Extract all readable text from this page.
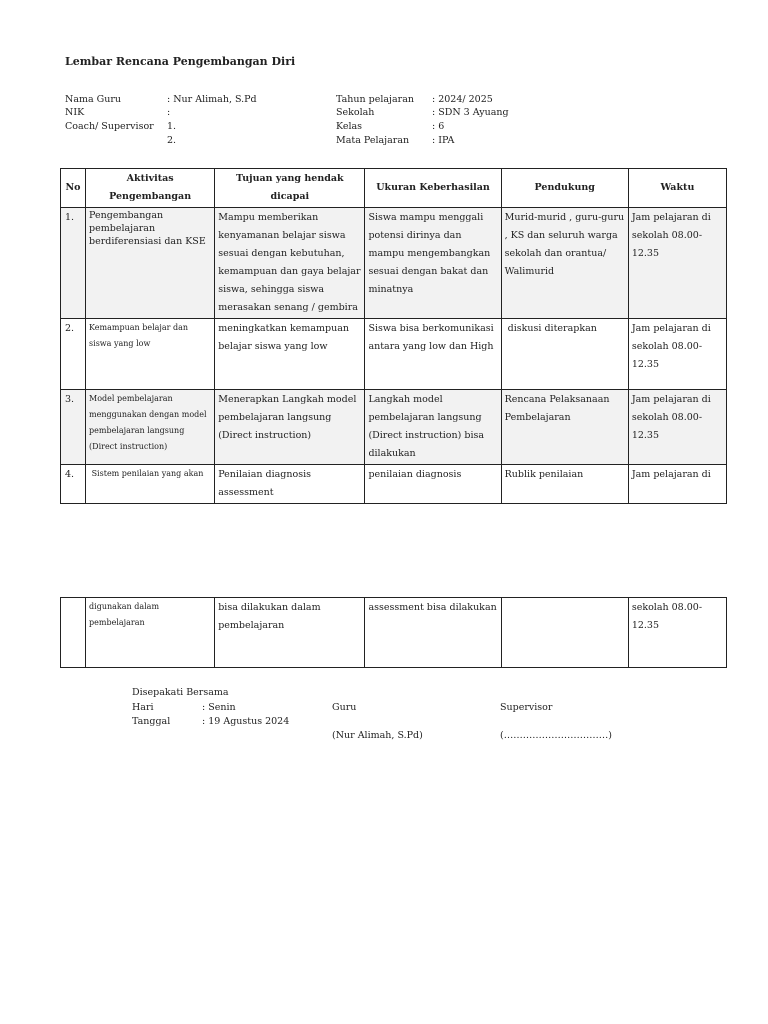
Lembar Rencana Pengembangan Diri
Nama Guru	: Nur Alimah, S.Pd
NIK	:
Coach/ Supervisor 1.
2.
Tahun pelajaran : 2024/ 2025
Sekolah	: SDN 3 Ayuang
Kelas	: 6
Mata Pelajaran : IPA
No	Aktivitas Pengembangan	Tujuan yang hendak dicapai	Ukuran Keberhasilan	Pendukung	Waktu
1.	Pengembangan pembelajaran berdiferensiasi dan KSE	Mampu memberikan kenyamanan belajar siswa sesuai dengan kebutuhan, kemampuan dan gaya belajar siswa, sehingga siswa merasakan senang / gembira	Siswa mampu menggali potensi dirinya dan mampu mengembangkan sesuai dengan bakat dan minatnya	Murid-murid , guru-guru , KS dan seluruh warga sekolah dan orantua/ Walimurid	Jam pelajaran di sekolah 08.00-12.35
2.	Kemampuan belajar dan siswa yang low	meningkatkan kemampuan belajar siswa yang low	Siswa bisa berkomunikasi antara yang low dan High	diskusi diterapkan	Jam pelajaran di sekolah 08.00-12.35
3.	Model pembelajaran menggunakan dengan model pembelajaran langsung (Direct instruction)	Menerapkan Langkah model pembelajaran langsung (Direct instruction)	Langkah model pembelajaran langsung (Direct instruction) bisa dilakukan	Rencana Pelaksanaan Pembelajaran	Jam pelajaran di sekolah 08.00-12.35
4.	Sistem penilaian yang akan	Penilaian diagnosis assessment	penilaian diagnosis	Rublik penilaian	Jam pelajaran di
	digunakan dalam pembelajaran	bisa dilakukan dalam pembelajaran	assessment bisa dilakukan		sekolah 08.00-12.35
Disepakati Bersama
Hari	: Senin	Guru	Supervisor
Tanggal	: 19 Agustus 2024
(Nur Alimah, S.Pd)	(……………………………)
